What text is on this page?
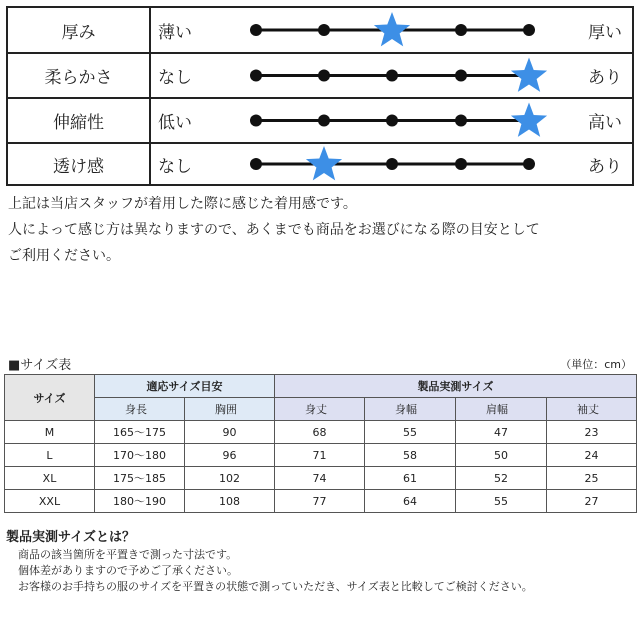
厚み	薄い	厚い
柔らかさ	なし	あり
伸縮性	低い	高い
透け感	なし	あり
上記は当店スタッフが着用した際に感じた着用感です。
人によって感じ方は異なりますので、あくまでも商品をお選びになる際の目安として
ご利用ください。
■サイズ表	（単位：cm）
サイズ	適応サイズ目安		製品実測サイズ			
	身長	胸囲	身丈	身幅	肩幅	袖丈
M	165～175	90	68	55	47	23
L	170～180	96	71	58	50	24
XL	175～185	102	74	61	52	25
XXL	180～190	108	77	64	55	27
製品実測サイズとは？
商品の該当箇所を平置きで測った寸法です。
個体差がありますので予めご了承ください。
お客様のお手持ちの服のサイズを平置きの状態で測っていただき、サイズ表と比較してご検討ください。
